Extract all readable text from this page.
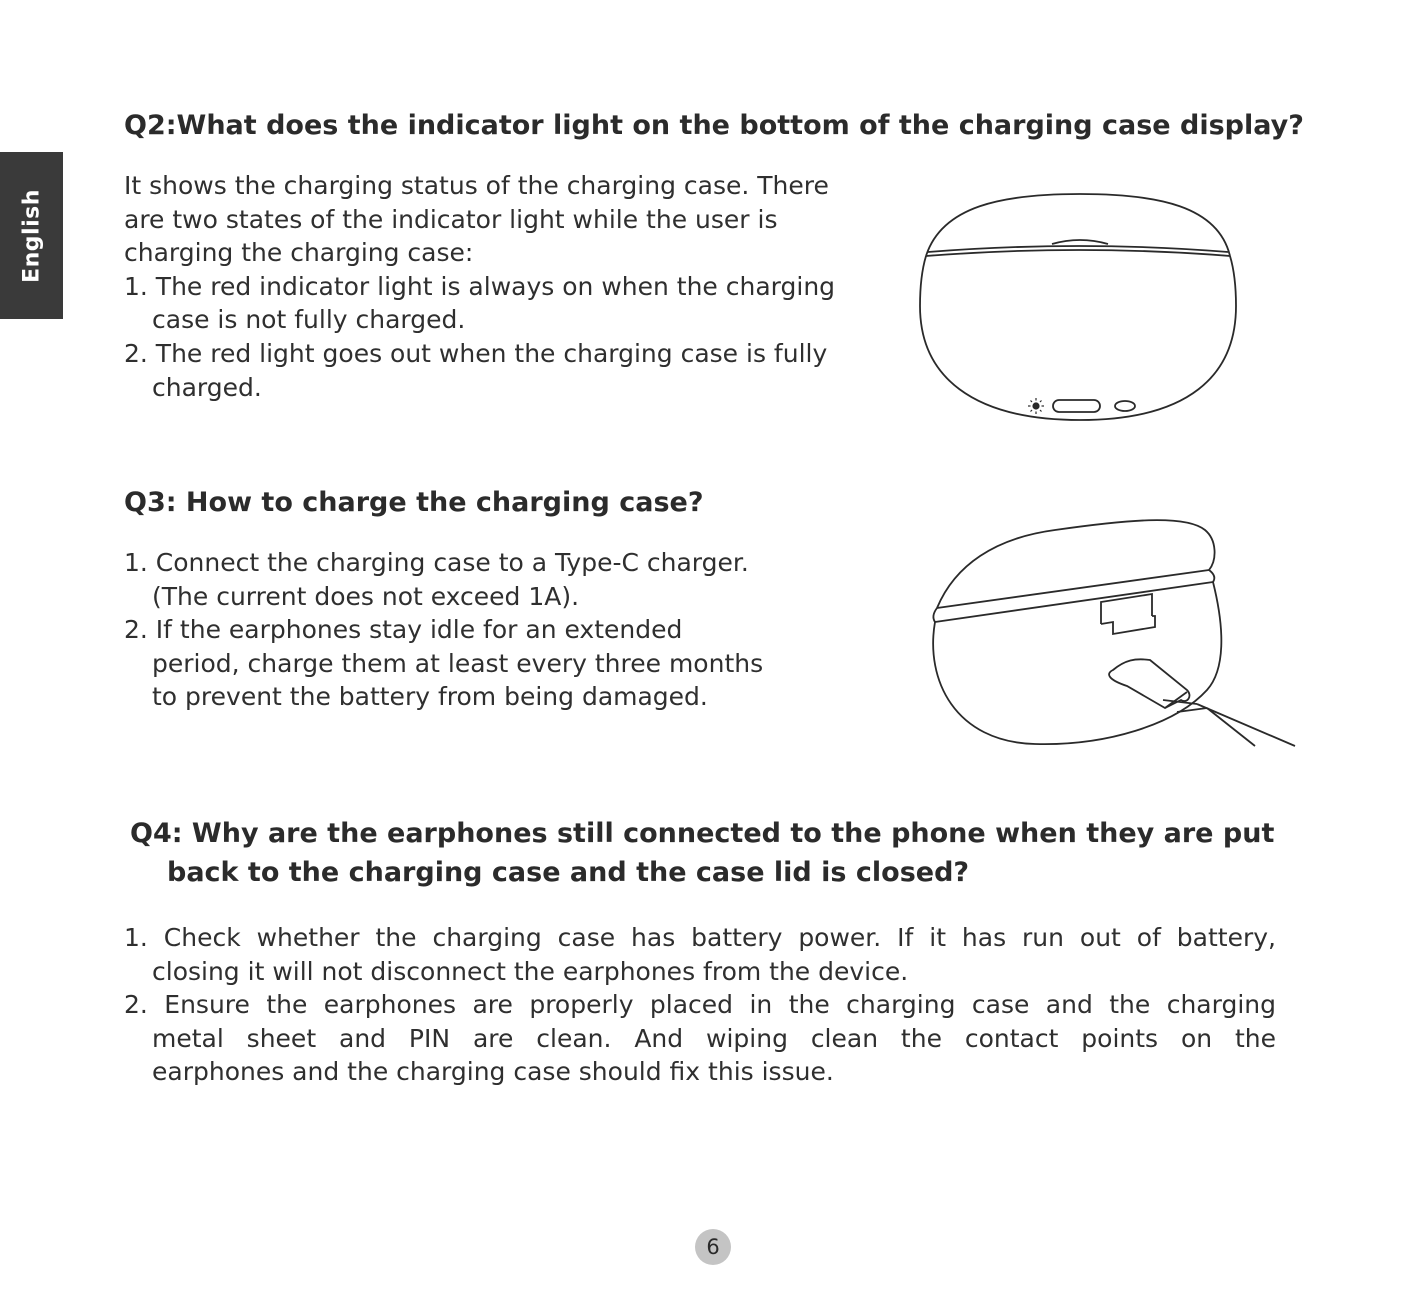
English
Q2:What does the indicator light on the bottom of the charging case display?
It shows the charging status of the charging case. There
are two states of the indicator light while the user is
charging the charging case:
1. The red indicator light is always on when the charging
case is not fully charged.
2. The red light goes out when the charging case is fully
charged.
Q3: How to charge the charging case?
1. Connect the charging case to a Type-C charger.
(The current does not exceed 1A).
2. If the earphones stay idle for an extended
period, charge them at least every three months
to prevent the battery from being damaged.
Q4: Why are the earphones still connected to the phone when they are put
back to the charging case and the case lid is closed?
1. Check whether the charging case has battery power. If it has run out of battery,
closing it will not disconnect the earphones from the device.
2. Ensure the earphones are properly placed in the charging case and the charging
metal sheet and PIN are clean. And wiping clean the contact points on the
earphones and the charging case should fix this issue.
6
